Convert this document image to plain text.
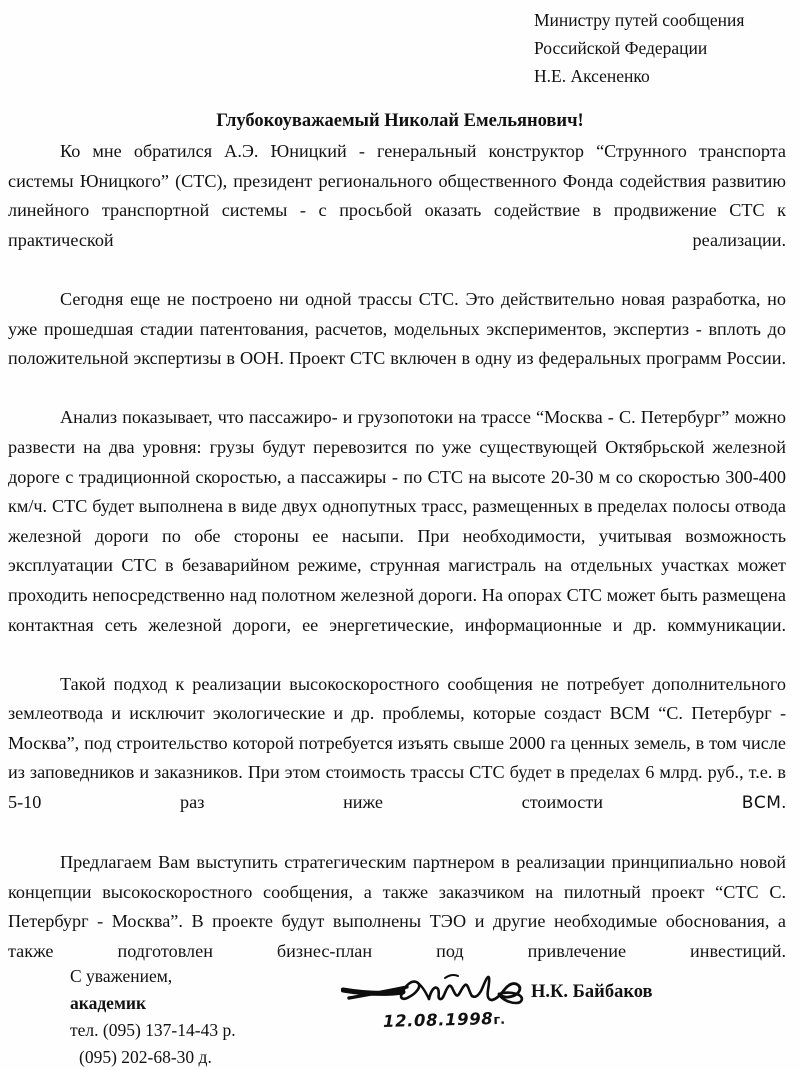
Министру путей сообщения
Российской Федерации
Н.Е. Аксененко
Глубокоуважаемый Николай Емельянович!

Ко мне обратился А.Э. Юницкий - генеральный конструктор “Струнного транспорта системы Юницкого” (СТС), президент регионального общественного Фонда содействия развитию линейного транспортной системы - с просьбой оказать содействие в продвижение СТС к практической реализации.

Сегодня еще не построено ни одной трассы СТС. Это действительно новая разработка, но уже прошедшая стадии патентования, расчетов, модельных экспериментов, экспертиз - вплоть до положительной экспертизы в ООН. Проект СТС включен в одну из федеральных программ России.

Анализ показывает, что пассажиро- и грузопотоки на трассе “Москва - С. Петербург” можно развести на два уровня: грузы будут перевозится по уже существующей Октябрьской железной дороге с традиционной скоростью, а пассажиры - по СТС на высоте 20-30 м со скоростью 300-400 км/ч. СТС будет выполнена в виде двух однопутных трасс, размещенных в пределах полосы отвода железной дороги по обе стороны ее насыпи. При необходимости, учитывая возможность эксплуатации СТС в безаварийном режиме, струнная магистраль на отдельных участках может проходить непосредственно над полотном железной дороги. На опорах СТС может быть размещена контактная сеть железной дороги, ее энергетические, информационные и др. коммуникации.

Такой подход к реализации высокоскоростного сообщения не потребует дополнительного землеотвода и исключит экологические и др. проблемы, которые создаст ВСМ “С. Петербург - Москва”, под строительство которой потребуется изъять свыше 2000 га ценных земель, в том числе из заповедников и заказников. При этом стоимость трассы СТС будет в пределах 6 млрд. руб., т.е. в 5-10 раз ниже стоимости ВСМ.

Предлагаем Вам выступить стратегическим партнером в реализации принципиально новой концепции высокоскоростного сообщения, а также заказчиком на пилотный проект “СТС С. Петербург - Москва”. В проекте будут выполнены ТЭО и другие необходимые обоснования, а также подготовлен бизнес-план под привлечение инвестиций.

С уважением,
академик
тел. (095) 137-14-43 р.
(095) 202-68-30 д.
12.08.1998г.
Н.К. Байбаков
